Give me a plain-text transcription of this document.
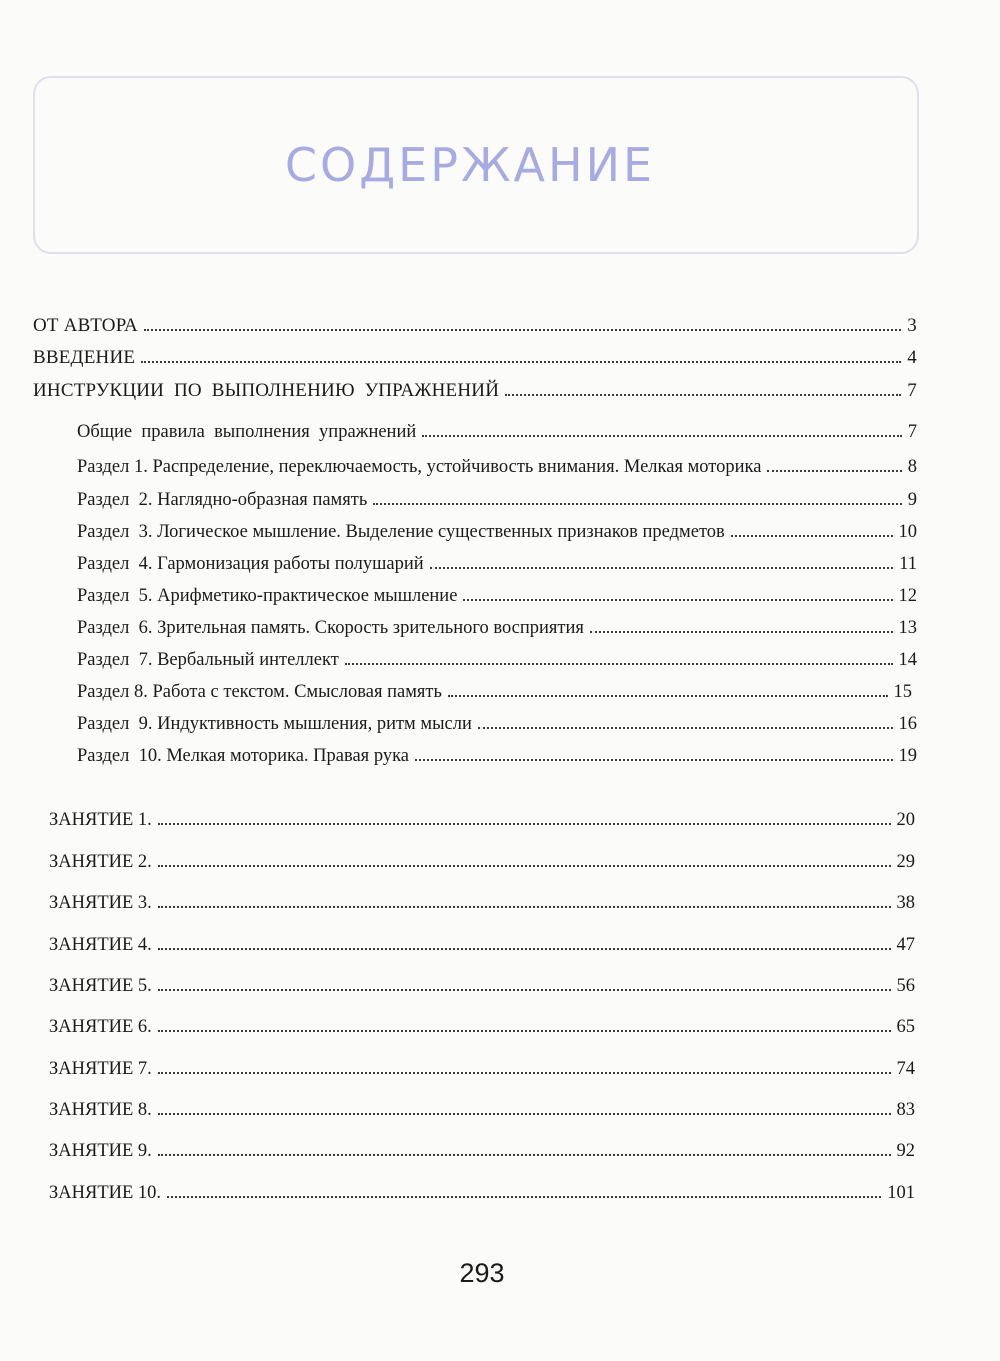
СОДЕРЖАНИЕ
ОТ АВТОРА	3
ВВЕДЕНИЕ	4
ИНСТРУКЦИИ  ПО  ВЫПОЛНЕНИЮ  УПРАЖНЕНИЙ	7
Общие  правила  выполнения  упражнений	7
Раздел 1. Распределение, переключаемость, устойчивость внимания. Мелкая моторика	8
Раздел  2. Наглядно-образная память	9
Раздел  3. Логическое мышление. Выделение существенных признаков предметов	10
Раздел  4. Гармонизация работы полушарий	11
Раздел  5. Арифметико-практическое мышление	12
Раздел  6. Зрительная память. Скорость зрительного восприятия	13
Раздел  7. Вербальный интеллект	14
Раздел 8. Работа с текстом. Смысловая память	15
Раздел  9. Индуктивность мышления, ритм мысли	16
Раздел  10. Мелкая моторика. Правая рука	19
ЗАНЯТИЕ 1.	20
ЗАНЯТИЕ 2.	29
ЗАНЯТИЕ 3.	38
ЗАНЯТИЕ 4.	47
ЗАНЯТИЕ 5.	56
ЗАНЯТИЕ 6.	65
ЗАНЯТИЕ 7.	74
ЗАНЯТИЕ 8.	83
ЗАНЯТИЕ 9.	92
ЗАНЯТИЕ 10.	101
293
